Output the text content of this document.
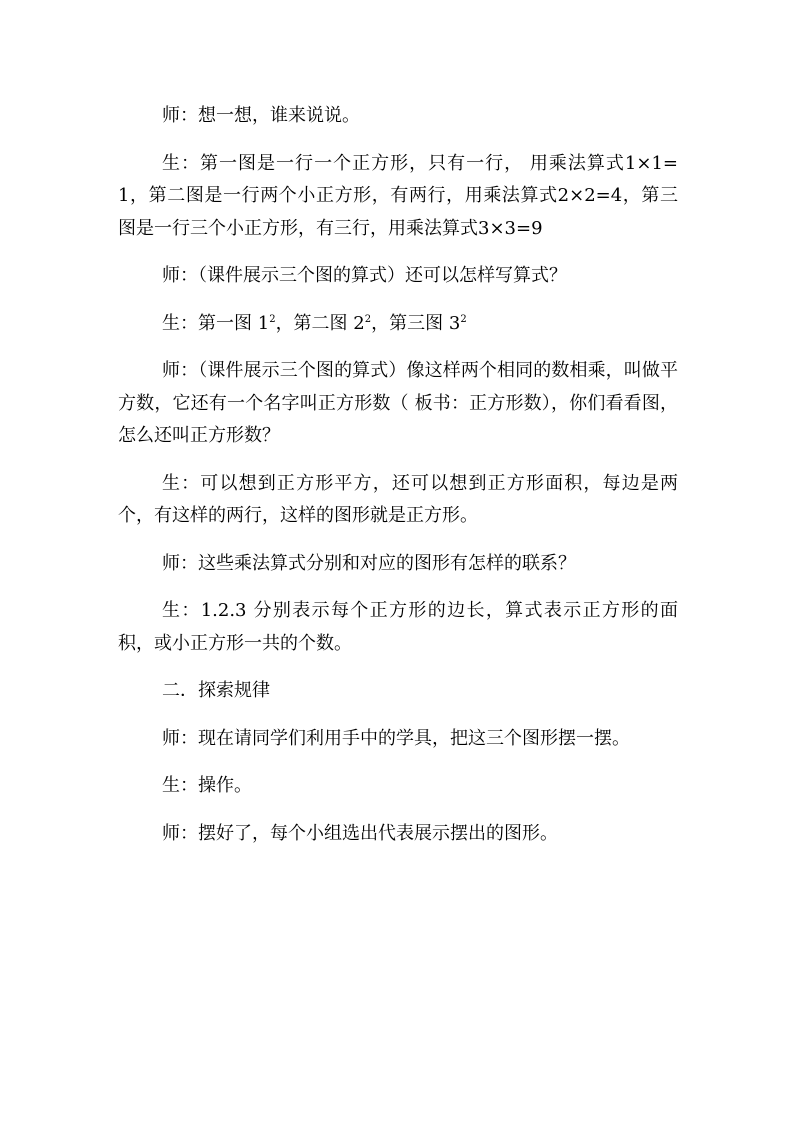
师：想一想，谁来说说。

生：第一图是一行一个正方形，只有一行， 用乘法算式1×1=1，第二图是一行两个小正方形，有两行，用乘法算式2×2=4，第三图是一行三个小正方形，有三行，用乘法算式3×3=9

师：（课件展示三个图的算式）还可以怎样写算式？

生：第一图 $1^2$，第二图 $2^2$，第三图 $3^2$

师：（课件展示三个图的算式）像这样两个相同的数相乘，叫做平方数，它还有一个名字叫正方形数（ 板书：正方形数），你们看看图，怎么还叫正方形数？

生：可以想到正方形平方，还可以想到正方形面积，每边是两个，有这样的两行，这样的图形就是正方形。

师：这些乘法算式分别和对应的图形有怎样的联系？

生：1.2.3 分别表示每个正方形的边长，算式表示正方形的面积，或小正方形一共的个数。

二．探索规律

师：现在请同学们利用手中的学具，把这三个图形摆一摆。

生：操作。

师：摆好了，每个小组选出代表展示摆出的图形。
